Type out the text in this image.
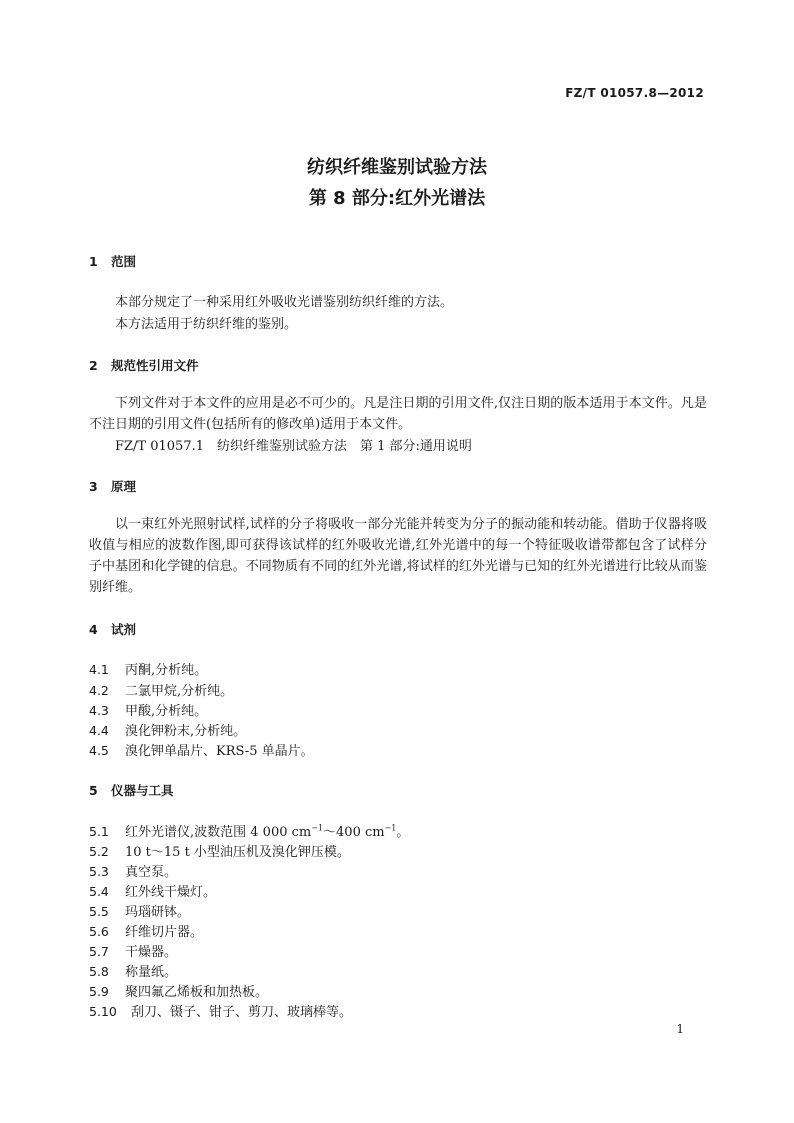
FZ/T 01057.8—2012
纺织纤维鉴别试验方法
第 8 部分:红外光谱法
1 范围
本部分规定了一种采用红外吸收光谱鉴别纺织纤维的方法。
本方法适用于纺织纤维的鉴别。
2 规范性引用文件
下列文件对于本文件的应用是必不可少的。凡是注日期的引用文件,仅注日期的版本适用于本文件。凡是不注日期的引用文件(包括所有的修改单)适用于本文件。
FZ/T 01057.1　纺织纤维鉴别试验方法　第 1 部分:通用说明
3 原理
以一束红外光照射试样,试样的分子将吸收一部分光能并转变为分子的振动能和转动能。借助于仪器将吸收值与相应的波数作图,即可获得该试样的红外吸收光谱,红外光谱中的每一个特征吸收谱带都包含了试样分子中基团和化学键的信息。不同物质有不同的红外光谱,将试样的红外光谱与已知的红外光谱进行比较从而鉴别纤维。
4 试剂
4.1 丙酮,分析纯。
4.2 二氯甲烷,分析纯。
4.3 甲酸,分析纯。
4.4 溴化钾粉末,分析纯。
4.5 溴化钾单晶片、KRS-5 单晶片。
5 仪器与工具
5.1 红外光谱仪,波数范围 4 000 $cm^{-1}\sim 400$ $cm^{-1}$。
5.2 10 t～15 t 小型油压机及溴化钾压模。
5.3 真空泵。
5.4 红外线干燥灯。
5.5 玛瑙研钵。
5.6 纤维切片器。
5.7 干燥器。
5.8 称量纸。
5.9 聚四氟乙烯板和加热板。
5.10 刮刀、镊子、钳子、剪刀、玻璃棒等。
1
